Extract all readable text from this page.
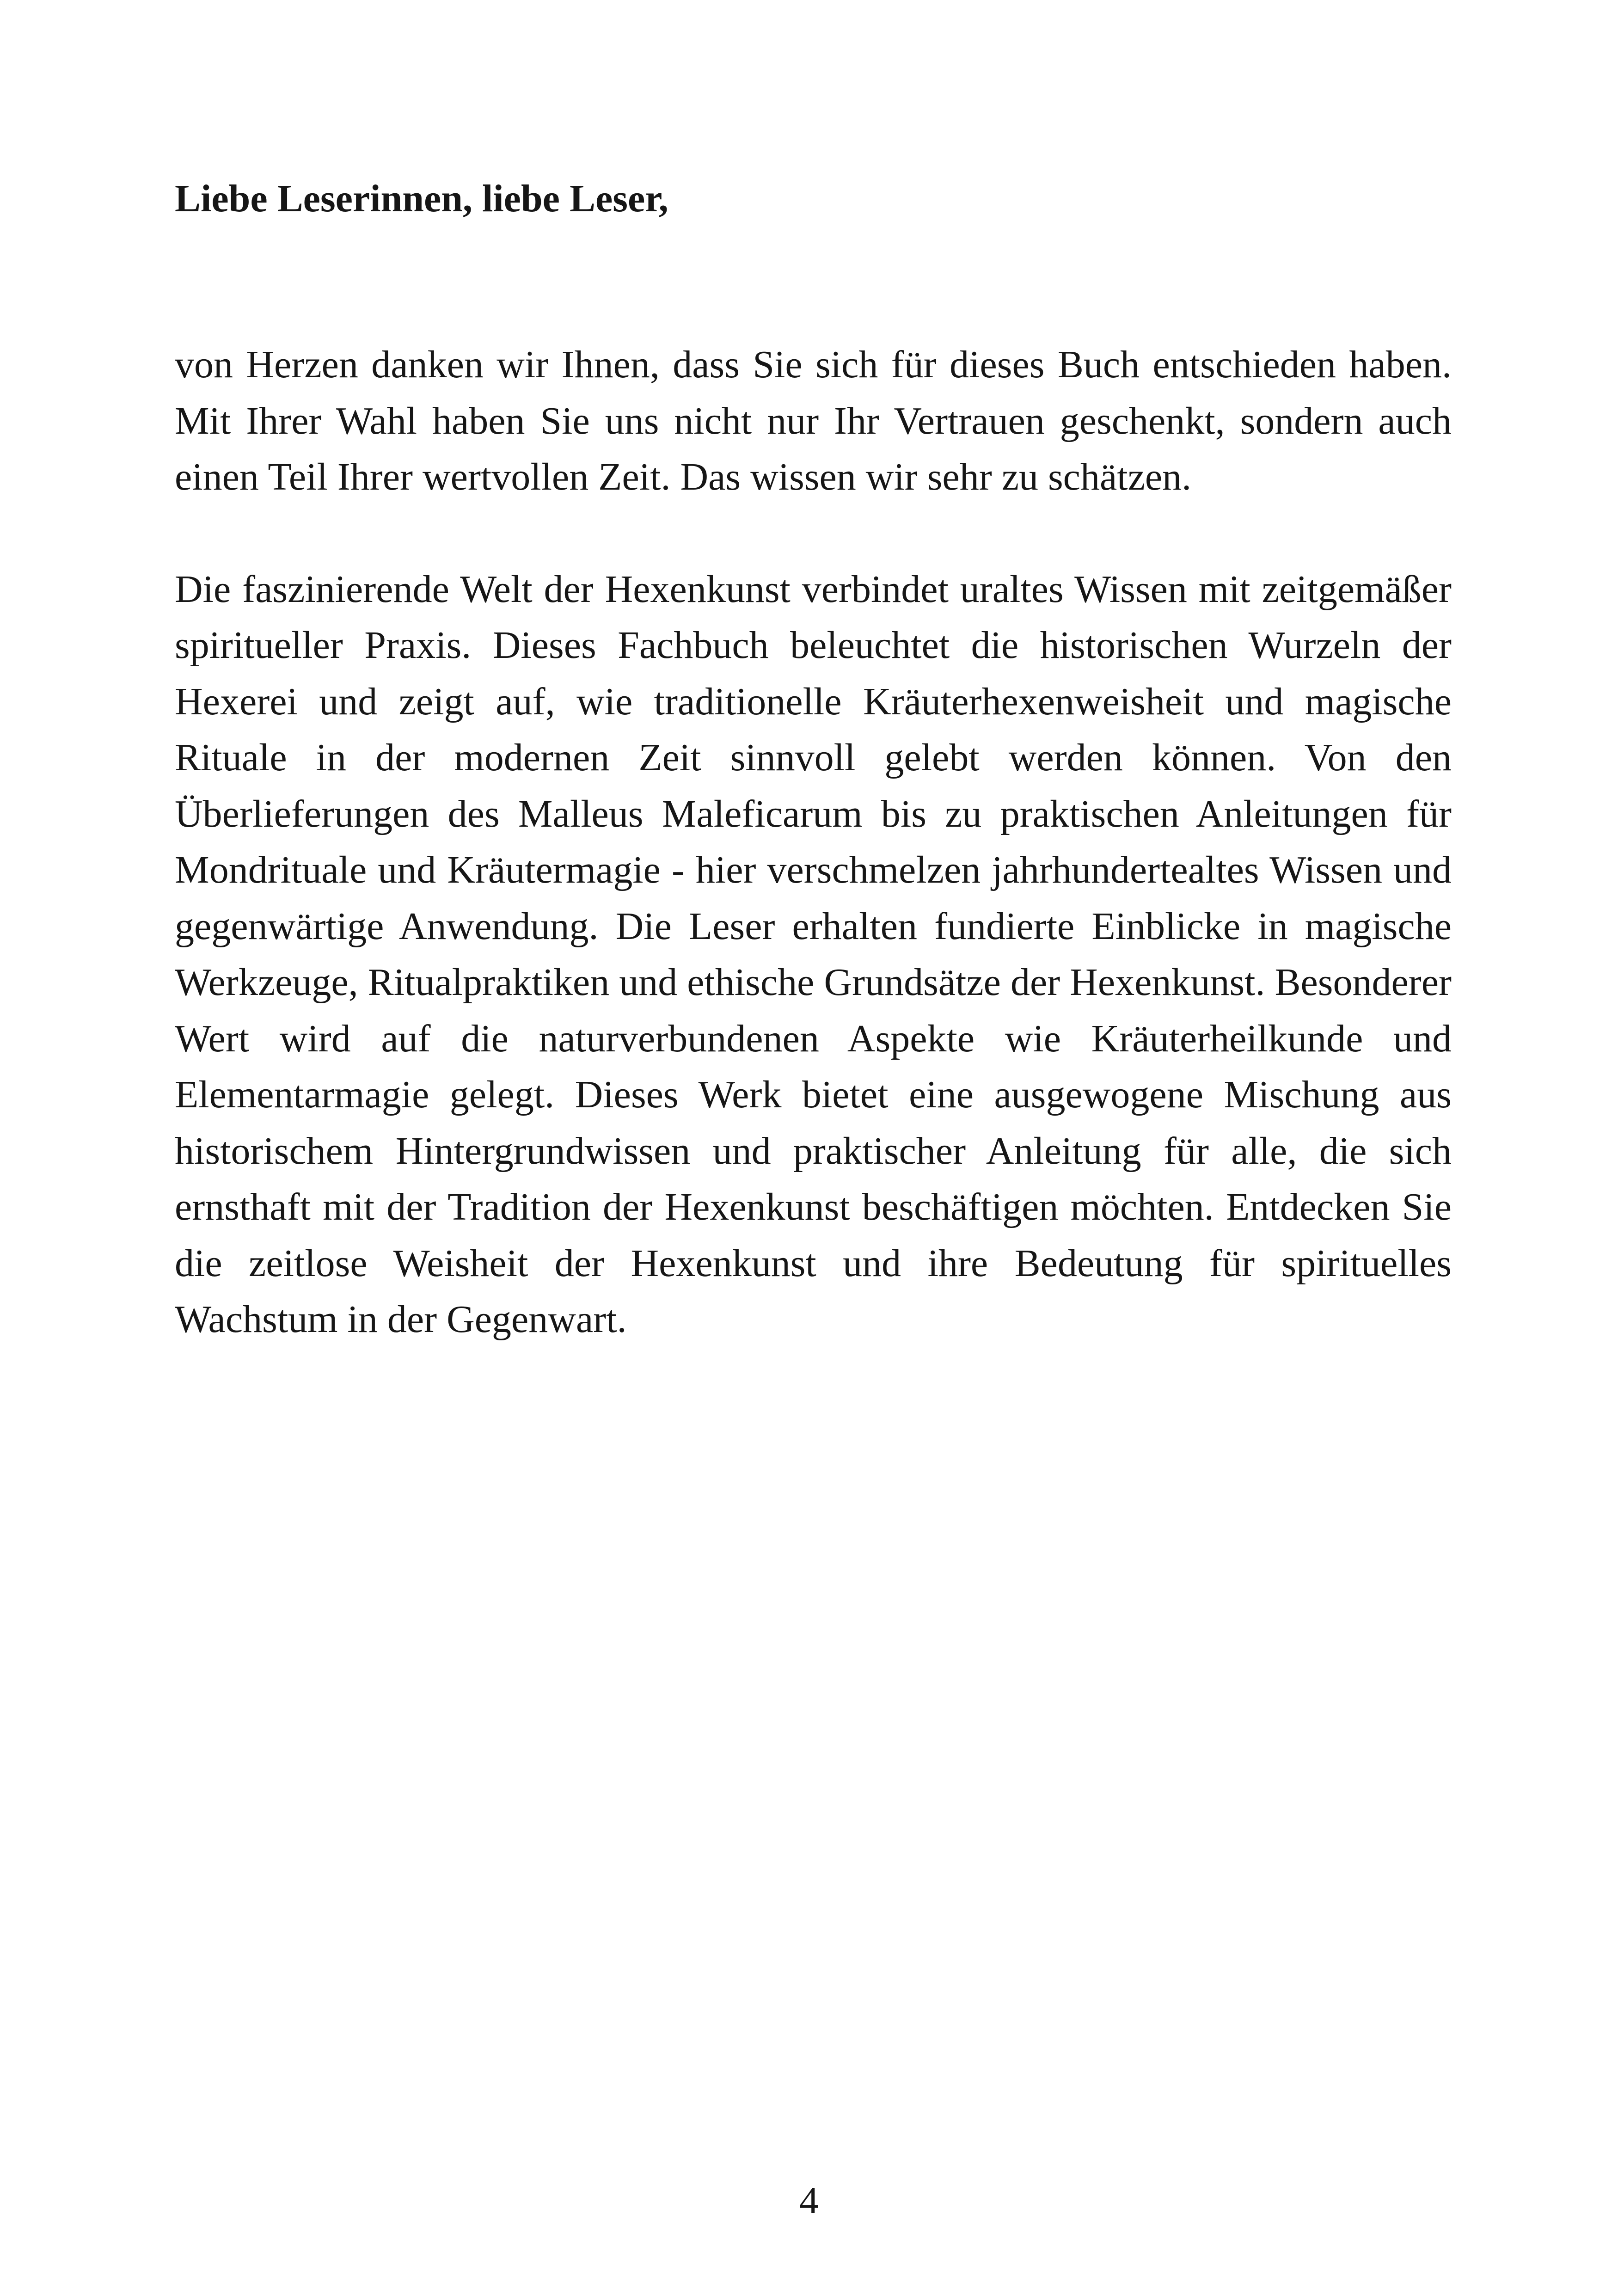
Liebe Leserinnen, liebe Leser,

von Herzen danken wir Ihnen, dass Sie sich für dieses Buch entschieden haben. Mit Ihrer Wahl haben Sie uns nicht nur Ihr Vertrauen geschenkt, sondern auch einen Teil Ihrer wertvollen Zeit. Das wissen wir sehr zu schätzen.

Die faszinierende Welt der Hexenkunst verbindet uraltes Wissen mit zeitgemäßer spiritueller Praxis. Dieses Fachbuch beleuchtet die historischen Wurzeln der Hexerei und zeigt auf, wie traditionelle Kräuterhexenweisheit und magische Rituale in der modernen Zeit sinnvoll gelebt werden können. Von den Überlieferungen des Malleus Maleficarum bis zu praktischen Anleitungen für Mondrituale und Kräutermagie - hier verschmelzen jahrhundertealtes Wissen und gegenwärtige Anwendung. Die Leser erhalten fundierte Einblicke in magische Werkzeuge, Ritualpraktiken und ethische Grundsätze der Hexenkunst. Besonderer Wert wird auf die naturverbundenen Aspekte wie Kräuterheilkunde und Elementarmagie gelegt. Dieses Werk bietet eine ausgewogene Mischung aus historischem Hintergrundwissen und praktischer Anleitung für alle, die sich ernsthaft mit der Tradition der Hexenkunst beschäftigen möchten. Entdecken Sie die zeitlose Weisheit der Hexenkunst und ihre Bedeutung für spirituelles Wachstum in der Gegenwart.

4
